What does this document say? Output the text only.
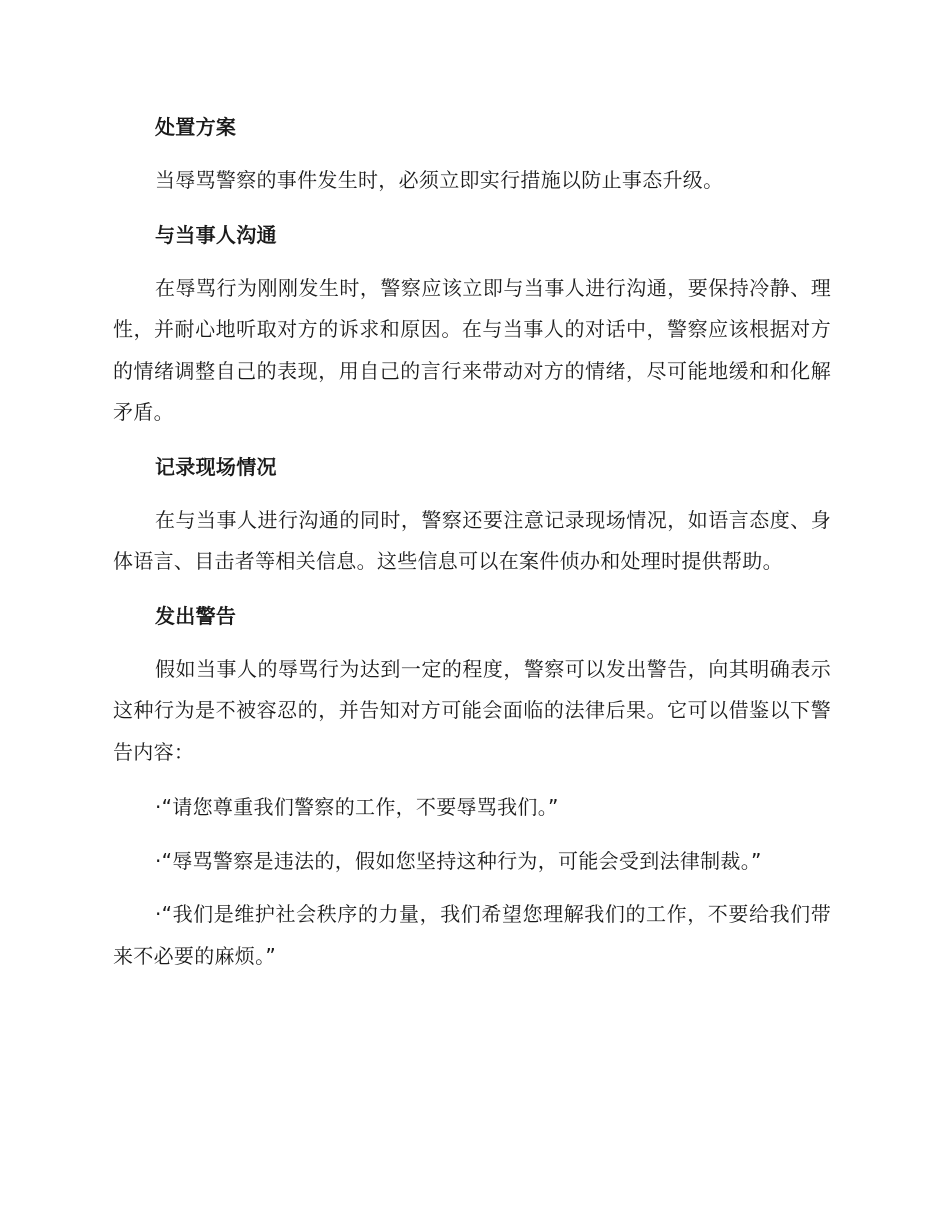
处置方案
当辱骂警察的事件发生时，必须立即实行措施以防止事态升级。
与当事人沟通
在辱骂行为刚刚发生时，警察应该立即与当事人进行沟通，要保持冷静、理性，并耐心地听取对方的诉求和原因。在与当事人的对话中，警察应该根据对方的情绪调整自己的表现，用自己的言行来带动对方的情绪，尽可能地缓和和化解矛盾。
记录现场情况
在与当事人进行沟通的同时，警察还要注意记录现场情况，如语言态度、身体语言、目击者等相关信息。这些信息可以在案件侦办和处理时提供帮助。
发出警告
假如当事人的辱骂行为达到一定的程度，警察可以发出警告，向其明确表示这种行为是不被容忍的，并告知对方可能会面临的法律后果。它可以借鉴以下警告内容：
·“请您尊重我们警察的工作，不要辱骂我们。”
·“辱骂警察是违法的，假如您坚持这种行为，可能会受到法律制裁。”
·“我们是维护社会秩序的力量，我们希望您理解我们的工作，不要给我们带来不必要的麻烦。”
